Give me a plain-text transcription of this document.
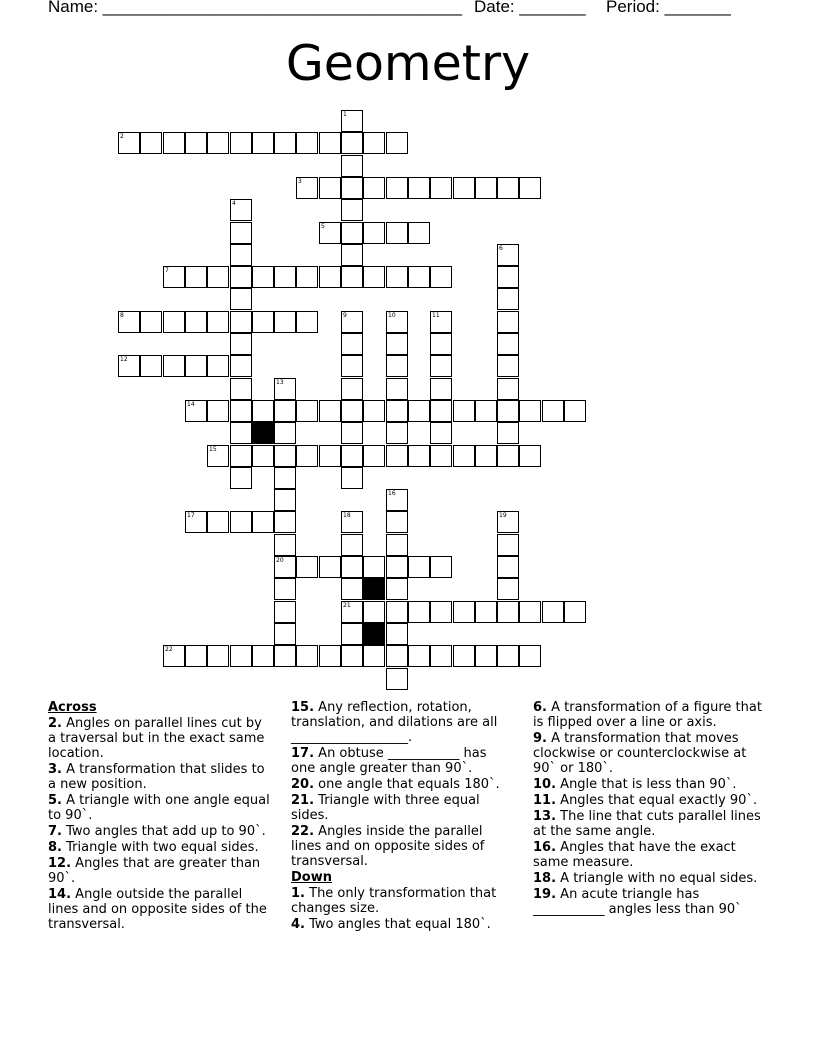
Name: ______________________________________ Date: _______ Period: _______
Geometry
1
2
3
4
5
6
7
8	9	10	11
12
13
20
14
15
16
17	18
21
19
22
Across
2. Angles on parallel lines cut by a traversal but in the exact same location.
3. A transformation that slides to a new position.
5. A triangle with one angle equal to 90`.
7. Two angles that add up to 90`.
8. Triangle with two equal sides.
12. Angles that are greater than 90`.
14. Angle outside the parallel lines and on opposite sides of the transversal.
15. Any reflection, rotation, translation, and dilations are all __________________.
17. An obtuse ___________ has one angle greater than 90`.
20. one angle that equals 180`.
21. Triangle with three equal sides.
22. Angles inside the parallel lines and on opposite sides of transversal.
Down
1. The only transformation that changes size.
4. Two angles that equal 180`.
6. A transformation of a figure that is flipped over a line or axis.
9. A transformation that moves clockwise or counterclockwise at 90` or 180`.
10. Angle that is less than 90`.
11. Angles that equal exactly 90`.
13. The line that cuts parallel lines at the same angle.
16. Angles that have the exact same measure.
18. A triangle with no equal sides.
19. An acute triangle has ___________ angles less than 90`
